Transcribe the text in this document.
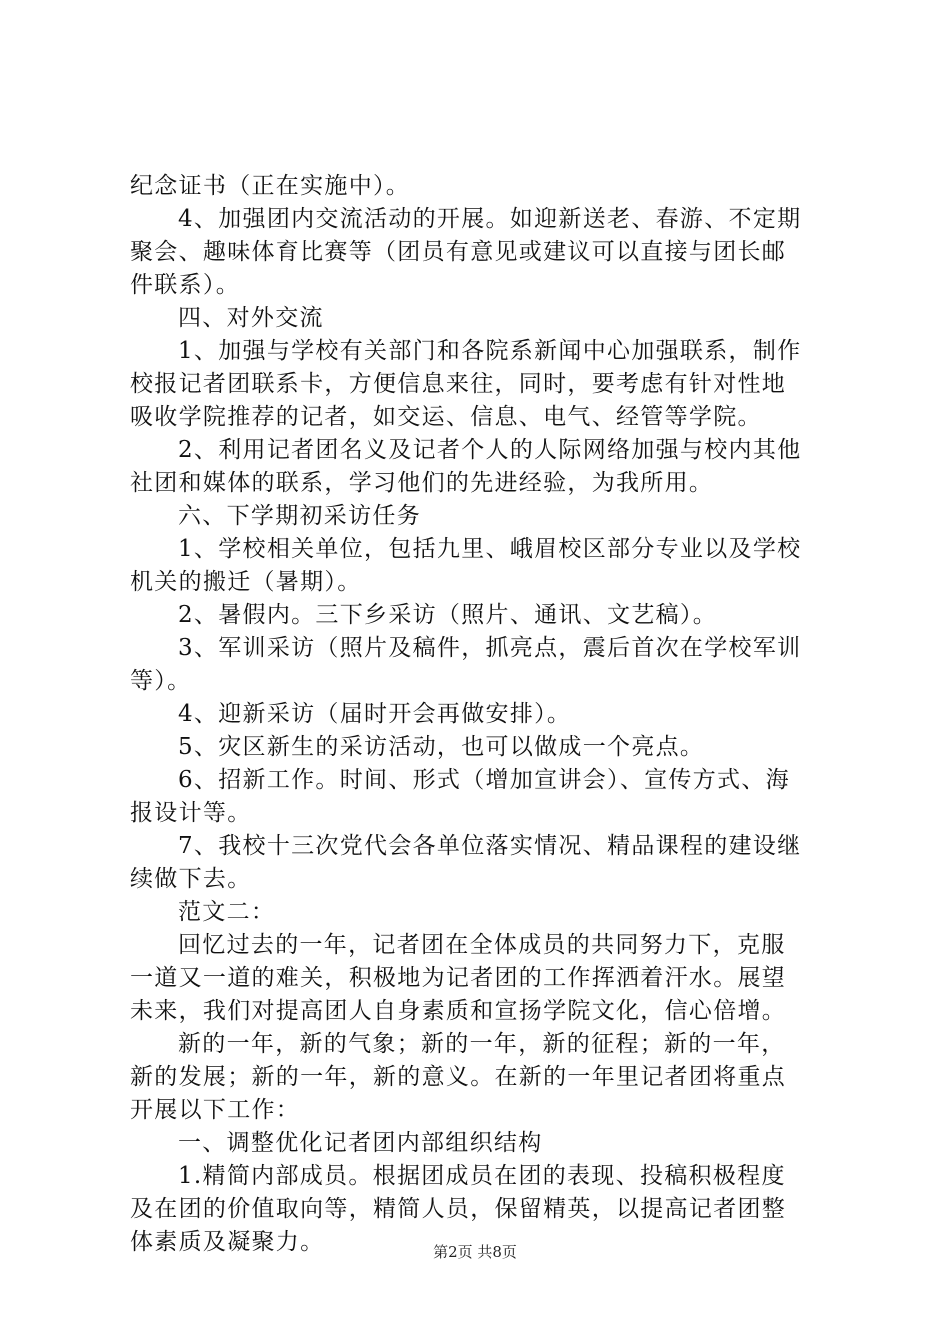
纪念证书（正在实施中）。
4、加强团内交流活动的开展。如迎新送老、春游、不定期
聚会、趣味体育比赛等（团员有意见或建议可以直接与团长邮
件联系）。
四、对外交流
1、加强与学校有关部门和各院系新闻中心加强联系，制作
校报记者团联系卡，方便信息来往，同时，要考虑有针对性地
吸收学院推荐的记者，如交运、信息、电气、经管等学院。
2、利用记者团名义及记者个人的人际网络加强与校内其他
社团和媒体的联系，学习他们的先进经验，为我所用。
六、下学期初采访任务
1、学校相关单位，包括九里、峨眉校区部分专业以及学校
机关的搬迁（暑期）。
2、暑假内。三下乡采访（照片、通讯、文艺稿）。
3、军训采访（照片及稿件，抓亮点，震后首次在学校军训
等）。
4、迎新采访（届时开会再做安排）。
5、灾区新生的采访活动，也可以做成一个亮点。
6、招新工作。时间、形式（增加宣讲会）、宣传方式、海
报设计等。
7、我校十三次党代会各单位落实情况、精品课程的建设继
续做下去。
范文二：
回忆过去的一年，记者团在全体成员的共同努力下，克服
一道又一道的难关，积极地为记者团的工作挥洒着汗水。展望
未来，我们对提高团人自身素质和宣扬学院文化，信心倍增。
新的一年，新的气象；新的一年，新的征程；新的一年，
新的发展；新的一年，新的意义。在新的一年里记者团将重点
开展以下工作：
一、调整优化记者团内部组织结构
1.精简内部成员。根据团成员在团的表现、投稿积极程度
及在团的价值取向等，精简人员，保留精英，以提高记者团整
体素质及凝聚力。	第2页 共8页
